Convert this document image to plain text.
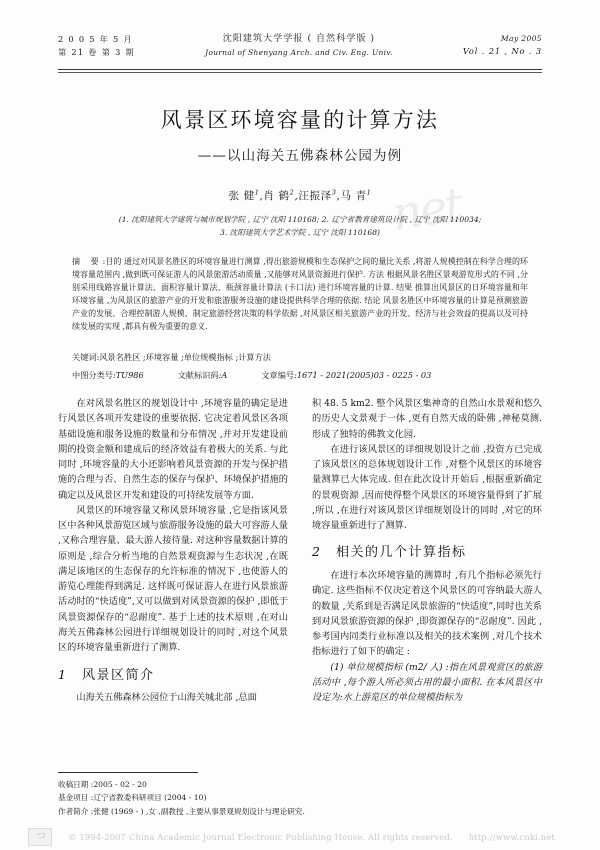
2 0 0 5 年 5 月
第 21 卷 第 3 期
沈阳建筑大学学报 ( 自然科学版 )
Journal of Shenyang Arch. and Civ. Eng. Univ.
May 2005
Vol . 21 , No . 3
net
风景区环境容量的计算方法
——以山海关五佛森林公园为例
张 健$^1$,肖 鹤$^2$,汪振泽$^3$,马 青$^1$
(1. 沈阳建筑大学建筑与城市规划学院 , 辽宁 沈阳 110168; 2. 辽宁省教育建筑设计院 , 辽宁 沈阳 110034;
3. 沈阳建筑大学艺术学院 , 辽宁 沈阳 110168)
摘 要:目的 通过对风景名胜区的环境容量进行测算 ,得出旅游规模和生态保护之间的量比关系 ,将游人规模控制在科学合理的环境容量范围内 ,做到既可保证游人的风景旅游活动质量 ,又能够对风景资源进行保护. 方法 根据风景名胜区景观游览形式的不同 ,分别采用线路容量计算法、面积容量计算法、瓶颈容量计算法 (卡口法) 进行环境容量的计算. 结果 推算出风景区的日环境容量和年环境容量 ,为风景区的旅游产业的开发和旅游服务设施的建设提供科学合理的依据. 结论 风景名胜区中环境容量的计算是预测旅游产业的发展、合理控制游人规模、制定旅游经营决策的科学依据 ,对风景区相关旅游产业的开发、经济与社会效益的提高以及可持续发展的实现 ,都具有极为重要的意义.
关键词:风景名胜区 ;环境容量 ;单位规模指标 ;计算方法
中图分类号:TU986	文献标识码:A	文章编号:1671 - 2021(2005)03 - 0225 - 03

在对风景名胜区的规划设计中 ,环境容量的确定是进行风景区各项开发建设的重要依据. 它决定着风景区各项基础设施和服务设施的数量和分布情况 ,并对开发建设前期的投资金额和建成后的经济效益有着极大的关系. 与此同时 ,环境容量的大小还影响着风景资源的开发与保护措施的合理与否、自然生态的保存与保护、环境保护措施的确定以及风景区开发和建设的可持续发展等方面.

风景区的环境容量又称风景环境容量 ,它是指该风景区中各种风景游览区域与旅游服务设施的最大可容游人量 ,又称合理容量、最大游人接待量. 对这种容量数据计算的原则是 ,综合分析当地的自然景观资源与生态状况 ,在既满足该地区的生态保存的允许标准的情况下 ,也使游人的游览心理能得到满足. 这样既可保证游人在进行风景旅游活动时的“快适度”,又可以做到对风景资源的保护 ,即低于风景资源保存的“忍耐度”. 基于上述的技术原则 ,在对山海关五佛森林公园进行详细规划设计的同时 ,对这个风景区的环境容量重新进行了测算.

1	风景区简介

山海关五佛森林公园位于山海关城北部 ,总面

积 48. 5 km2. 整个风景区集神奇的自然山水景观和悠久的历史人文景观于一体 ,更有自然天成的卧佛 ,神秘莫测. 形成了独特的佛教文化园.

在进行该风景区的详细规划设计之前 ,投资方已完成了该风景区的总体规划设计工作 ,对整个风景区的环境容量测算已大体完成. 但在此次设计开始后 ,根据重新确定的景观资源 ,因而使得整个风景区的环境容量得到了扩展 ,所以 ,在进行对该风景区详细规划设计的同时 ,对它的环境容量重新进行了测算.

2	相关的几个计算指标

在进行本次环境容量的测算时 ,有几个指标必须先行确定. 这些指标不仅决定着这个风景区的可容纳最大游人的数量 ,关系到是否满足风景旅游的“快适度”,同时也关系到对风景旅游资源的保护 ,即资源保存的“忍耐度”. 因此 ,参考国内同类行业标准以及相关的技术案例 ,对几个技术指标进行了如下的确定 :

(1) 单位规模指标 (m2/ 人) :指在风景观赏区的旅游活动中 ,每个游人所必须占用的最小面积. 在本风景区中设定为:水上游览区的单位规模指标为

收稿日期 :2005 - 02 - 20
基金项目 :辽宁省教委科研项目 (2004 - 10)
作者简介 :张健 (1969 - ) ,女 ,副教授 ,主要从事景观规划设计与理论研究.
つ	© 1994-2007 China Academic Journal Electronic Publishing House. All rights reserved. http://www.cnki.net
